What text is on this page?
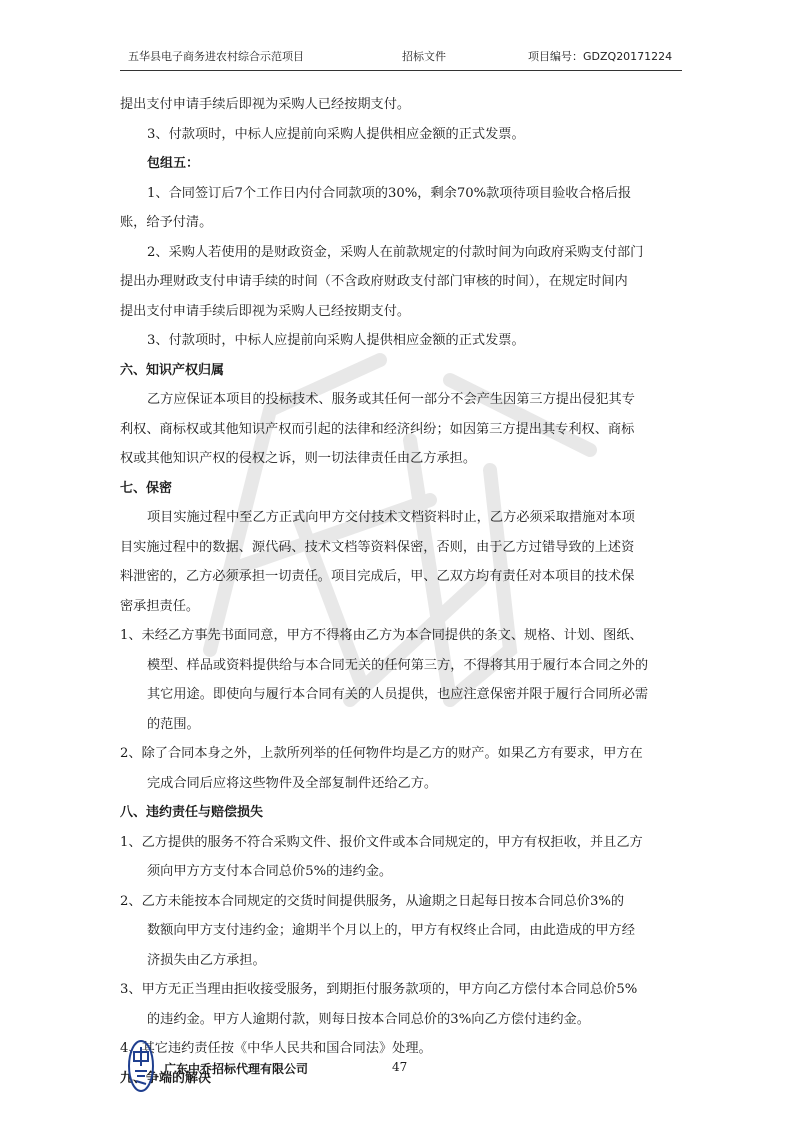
五华县电子商务进农村综合示范项目	招标文件	项目编号：GDZQ20171224
提出支付申请手续后即视为采购人已经按期支付。
3、付款项时，中标人应提前向采购人提供相应金额的正式发票。
包组五：
1、合同签订后7个工作日内付合同款项的30%，剩余70%款项待项目验收合格后报
账，给予付清。
2、采购人若使用的是财政资金，采购人在前款规定的付款时间为向政府采购支付部门
提出办理财政支付申请手续的时间（不含政府财政支付部门审核的时间），在规定时间内
提出支付申请手续后即视为采购人已经按期支付。
3、付款项时，中标人应提前向采购人提供相应金额的正式发票。
六、知识产权归属
乙方应保证本项目的投标技术、服务或其任何一部分不会产生因第三方提出侵犯其专
利权、商标权或其他知识产权而引起的法律和经济纠纷；如因第三方提出其专利权、商标
权或其他知识产权的侵权之诉，则一切法律责任由乙方承担。
七、保密
项目实施过程中至乙方正式向甲方交付技术文档资料时止，乙方必须采取措施对本项
目实施过程中的数据、源代码、技术文档等资料保密，否则，由于乙方过错导致的上述资
料泄密的，乙方必须承担一切责任。项目完成后，甲、乙双方均有责任对本项目的技术保
密承担责任。
1、未经乙方事先书面同意，甲方不得将由乙方为本合同提供的条文、规格、计划、图纸、
模型、样品或资料提供给与本合同无关的任何第三方，不得将其用于履行本合同之外的
其它用途。即使向与履行本合同有关的人员提供，也应注意保密并限于履行合同所必需
的范围。
2、除了合同本身之外，上款所列举的任何物件均是乙方的财产。如果乙方有要求，甲方在
完成合同后应将这些物件及全部复制件还给乙方。
八、违约责任与赔偿损失
1、乙方提供的服务不符合采购文件、报价文件或本合同规定的，甲方有权拒收，并且乙方
须向甲方方支付本合同总价5%的违约金。
2、乙方未能按本合同规定的交货时间提供服务，从逾期之日起每日按本合同总价3%的
数额向甲方支付违约金；逾期半个月以上的，甲方有权终止合同，由此造成的甲方经
济损失由乙方承担。
3、甲方无正当理由拒收接受服务，到期拒付服务款项的，甲方向乙方偿付本合同总价5%
的违约金。甲方人逾期付款，则每日按本合同总价的3%向乙方偿付违约金。
4、其它违约责任按《中华人民共和国合同法》处理。
九、争端的解决
广东中乔招标代理有限公司	47
